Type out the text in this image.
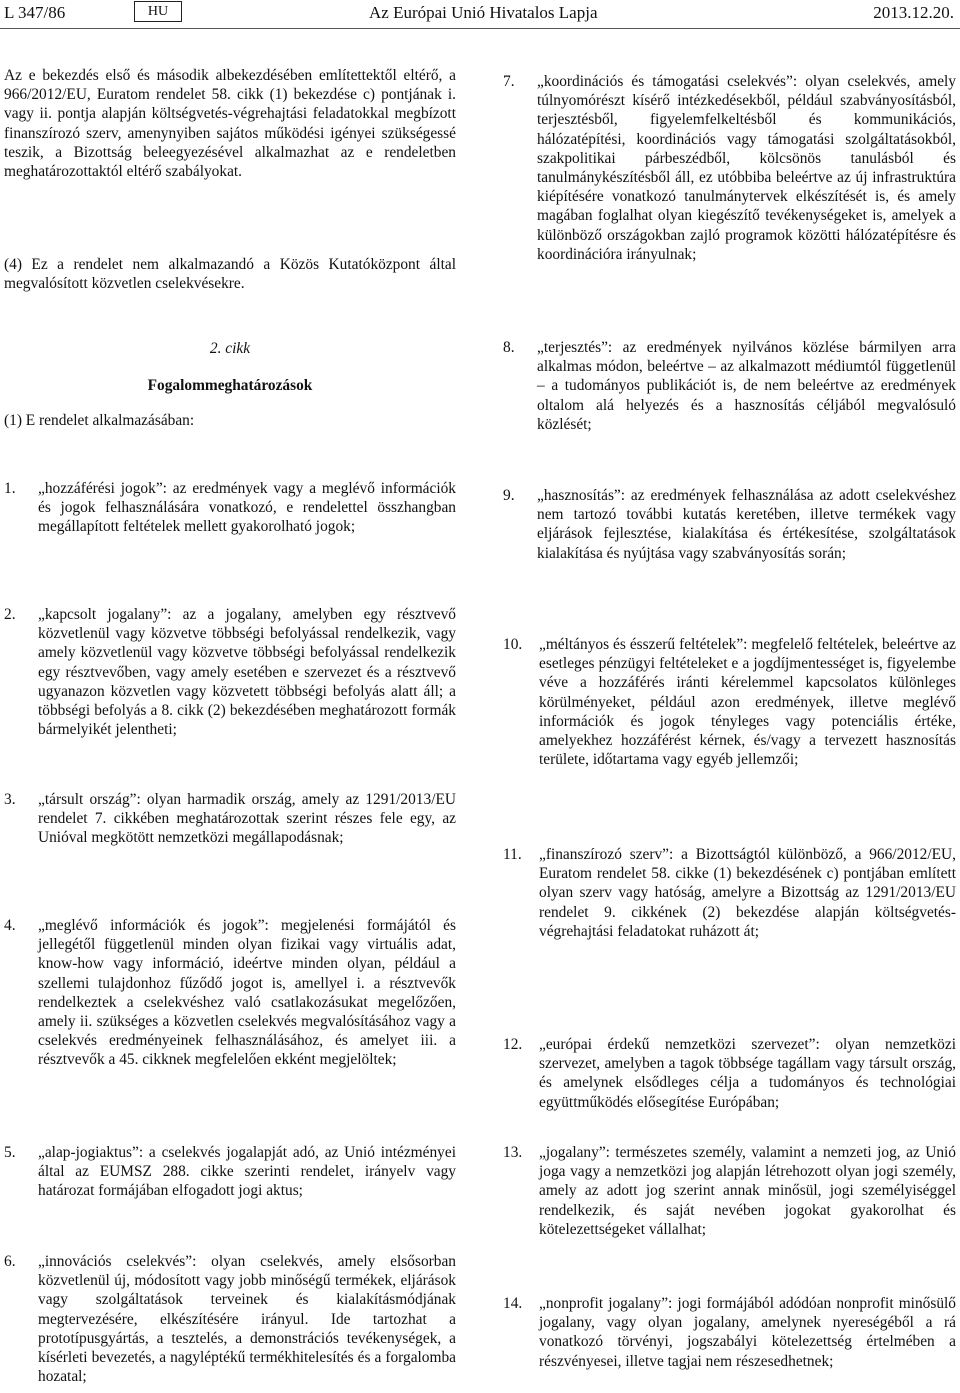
L 347/86	HU	Az Európai Unió Hivatalos Lapja	2013.12.20.

Az e bekezdés első és második albekezdésében említettektől eltérő, a 966/2012/EU, Euratom rendelet 58. cikk (1) bekezdése c) pontjának i. vagy ii. pontja alapján költségvetés-végrehajtási feladatokkal megbízott finanszírozó szerv, amenynyiben sajátos működési igényei szükségessé teszik, a Bizottság beleegyezésével alkalmazhat az e rendeletben meghatározottaktól eltérő szabályokat.

(4) Ez a rendelet nem alkalmazandó a Közös Kutatóközpont által megvalósított közvetlen cselekvésekre.

2. cikk
Fogalommeghatározások
(1) E rendelet alkalmazásában:
1. „hozzáférési jogok”: az eredmények vagy a meglévő információk és jogok felhasználására vonatkozó, e rendelettel összhangban megállapított feltételek mellett gyakorolható jogok;
2. „kapcsolt jogalany”: az a jogalany, amelyben egy résztvevő közvetlenül vagy közvetve többségi befolyással rendelkezik, vagy amely közvetlenül vagy közvetve többségi befolyással rendelkezik egy résztvevőben, vagy amely esetében e szervezet és a résztvevő ugyanazon közvetlen vagy közvetett többségi befolyás alatt áll; a többségi befolyás a 8. cikk (2) bekezdésében meghatározott formák bármelyikét jelentheti;
3. „társult ország”: olyan harmadik ország, amely az 1291/2013/EU rendelet 7. cikkében meghatározottak szerint részes fele egy, az Unióval megkötött nemzetközi megállapodásnak;
4. „meglévő információk és jogok”: megjelenési formájától és jellegétől függetlenül minden olyan fizikai vagy virtuális adat, know-how vagy információ, ideértve minden olyan, például a szellemi tulajdonhoz fűződő jogot is, amellyel i. a résztvevők rendelkeztek a cselekvéshez való csatlakozásukat megelőzően, amely ii. szükséges a közvetlen cselekvés megvalósításához vagy a cselekvés eredményeinek felhasználásához, és amelyet iii. a résztvevők a 45. cikknek megfelelően ekként megjelöltek;
5. „alap-jogiaktus”: a cselekvés jogalapját adó, az Unió intézményei által az EUMSZ 288. cikke szerinti rendelet, irányelv vagy határozat formájában elfogadott jogi aktus;
6. „innovációs cselekvés”: olyan cselekvés, amely elsősorban közvetlenül új, módosított vagy jobb minőségű termékek, eljárások vagy szolgáltatások terveinek és kialakításmódjának megtervezésére, elkészítésére irányul. Ide tartozhat a prototípusgyártás, a tesztelés, a demonstrációs tevékenységek, a kísérleti bevezetés, a nagyléptékű termékhitelesítés és a forgalomba hozatal;
7. „koordinációs és támogatási cselekvés”: olyan cselekvés, amely túlnyomórészt kísérő intézkedésekből, például szabványosításból, terjesztésből, figyelemfelkeltésből és kommunikációs, hálózatépítési, koordinációs vagy támogatási szolgáltatásokból, szakpolitikai párbeszédből, kölcsönös tanulásból és tanulmánykészítésből áll, ez utóbbiba beleértve az új infrastruktúra kiépítésére vonatkozó tanulmánytervek elkészítését is, és amely magában foglalhat olyan kiegészítő tevékenységeket is, amelyek a különböző országokban zajló programok közötti hálózatépítésre és koordinációra irányulnak;
8. „terjesztés”: az eredmények nyilvános közlése bármilyen arra alkalmas módon, beleértve – az alkalmazott médiumtól függetlenül – a tudományos publikációt is, de nem beleértve az eredmények oltalom alá helyezés és a hasznosítás céljából megvalósuló közlését;
9. „hasznosítás”: az eredmények felhasználása az adott cselekvéshez nem tartozó további kutatás keretében, illetve termékek vagy eljárások fejlesztése, kialakítása és értékesítése, szolgáltatások kialakítása és nyújtása vagy szabványosítás során;
10. „méltányos és ésszerű feltételek”: megfelelő feltételek, beleértve az esetleges pénzügyi feltételeket e a jogdíjmentességet is, figyelembe véve a hozzáférés iránti kérelemmel kapcsolatos különleges körülményeket, például azon eredmények, illetve meglévő információk és jogok tényleges vagy potenciális értéke, amelyekhez hozzáférést kérnek, és/vagy a tervezett hasznosítás területe, időtartama vagy egyéb jellemzői;
11. „finanszírozó szerv”: a Bizottságtól különböző, a 966/2012/EU, Euratom rendelet 58. cikke (1) bekezdésének c) pontjában említett olyan szerv vagy hatóság, amelyre a Bizottság az 1291/2013/EU rendelet 9. cikkének (2) bekezdése alapján költségvetés-végrehajtási feladatokat ruházott át;
12. „európai érdekű nemzetközi szervezet”: olyan nemzetközi szervezet, amelyben a tagok többsége tagállam vagy társult ország, és amelynek elsődleges célja a tudományos és technológiai együttműködés elősegítése Európában;
13. „jogalany”: természetes személy, valamint a nemzeti jog, az Unió joga vagy a nemzetközi jog alapján létrehozott olyan jogi személy, amely az adott jog szerint annak minősül, jogi személyiséggel rendelkezik, és saját nevében jogokat gyakorolhat és kötelezettségeket vállalhat;
14. „nonprofit jogalany”: jogi formájából adódóan nonprofit minősülő jogalany, vagy olyan jogalany, amelynek nyereségéből a rá vonatkozó törvényi, jogszabályi kötelezettség értelmében a részvényesei, illetve tagjai nem részesedhetnek;
